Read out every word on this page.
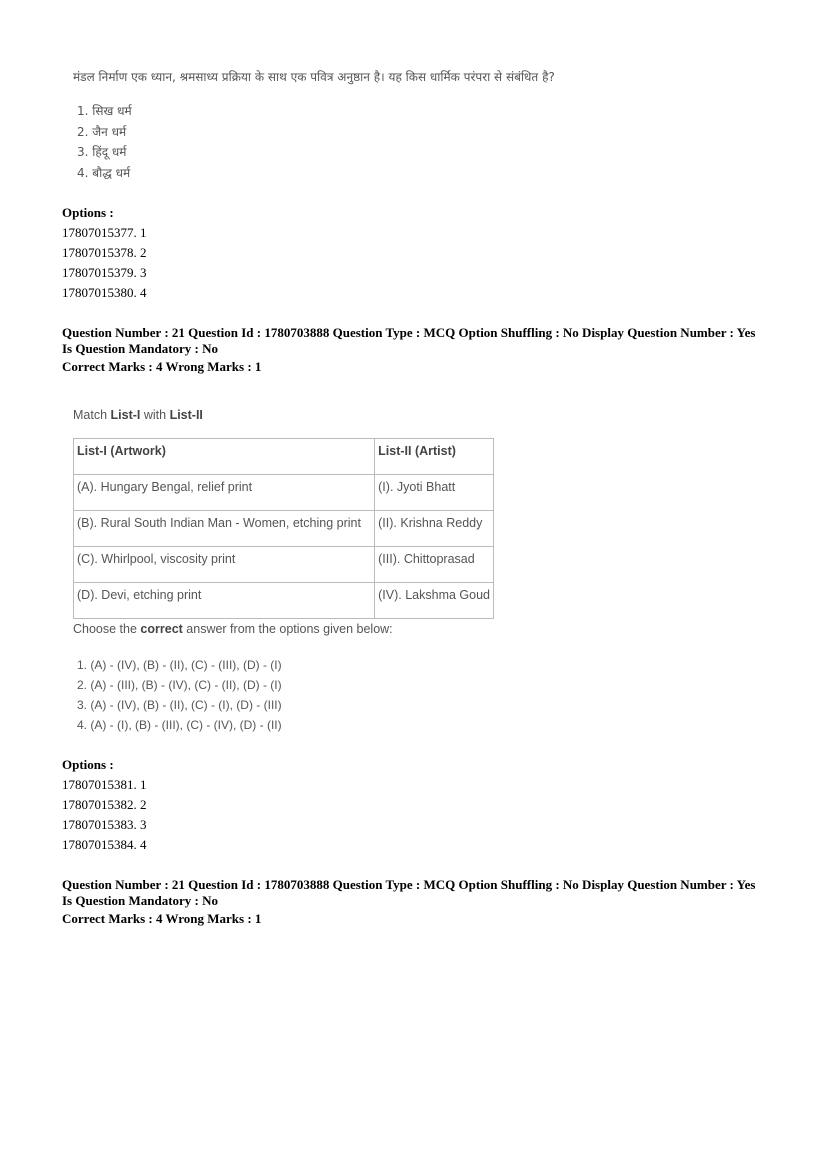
मंडल निर्माण एक ध्यान, श्रमसाध्य प्रक्रिया के साथ एक पवित्र अनुष्ठान है। यह किस धार्मिक परंपरा से संबंधित है?
1. सिख धर्म
2. जैन धर्म
3. हिंदू धर्म
4. बौद्ध धर्म
Options :
17807015377. 1
17807015378. 2
17807015379. 3
17807015380. 4
Question Number : 21 Question Id : 1780703888 Question Type : MCQ Option Shuffling : No Display Question Number : Yes
Is Question Mandatory : No
Correct Marks : 4 Wrong Marks : 1
Match List-I with List-II
List-I (Artwork)	List-II (Artist)
(A). Hungary Bengal, relief print	(I). Jyoti Bhatt
(B). Rural South Indian Man - Women, etching print	(II). Krishna Reddy
(C). Whirlpool, viscosity print	(III). Chittoprasad
(D). Devi, etching print	(IV). Lakshma Goud
Choose the correct answer from the options given below:
1. (A) - (IV), (B) - (II), (C) - (III), (D) - (I)
2. (A) - (III), (B) - (IV), (C) - (II), (D) - (I)
3. (A) - (IV), (B) - (II), (C) - (I), (D) - (III)
4. (A) - (I), (B) - (III), (C) - (IV), (D) - (II)
Options :
17807015381. 1
17807015382. 2
17807015383. 3
17807015384. 4
Question Number : 21 Question Id : 1780703888 Question Type : MCQ Option Shuffling : No Display Question Number : Yes
Is Question Mandatory : No
Correct Marks : 4 Wrong Marks : 1
